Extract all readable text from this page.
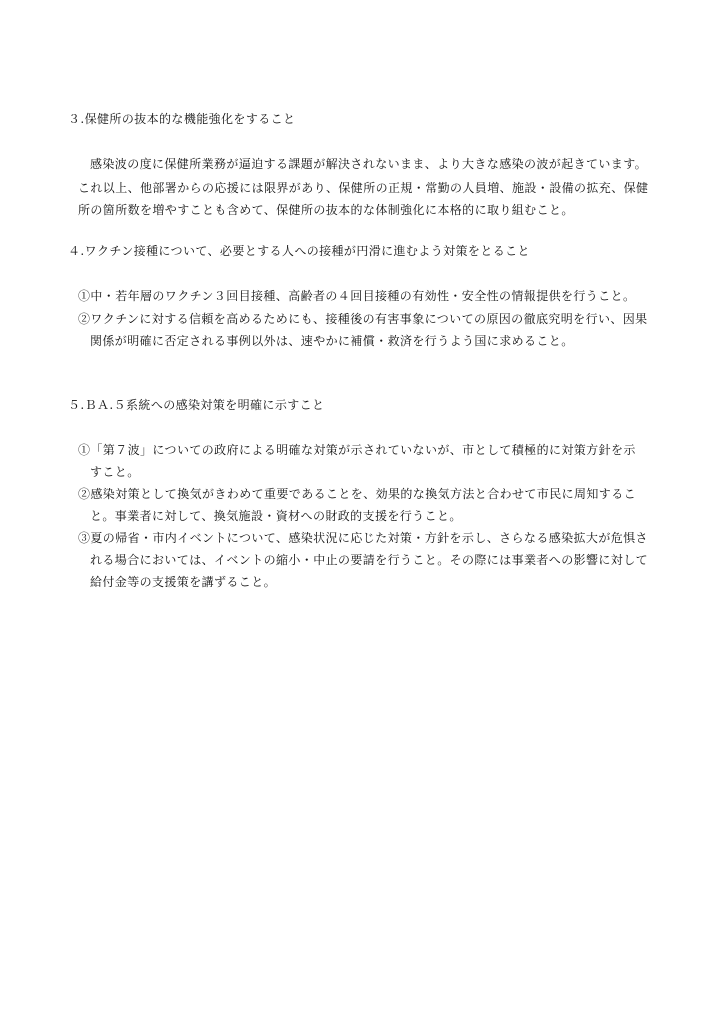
３.保健所の抜本的な機能強化をすること

感染波の度に保健所業務が逼迫する課題が解決されないまま、より大きな感染の波が起きています。

これ以上、他部署からの応援には限界があり、保健所の正規・常勤の人員増、施設・設備の拡充、保健

所の箇所数を増やすことも含めて、保健所の抜本的な体制強化に本格的に取り組むこと。

４.ワクチン接種について、必要とする人への接種が円滑に進むよう対策をとること

①中・若年層のワクチン３回目接種、高齢者の４回目接種の有効性・安全性の情報提供を行うこと。

②ワクチンに対する信頼を高めるためにも、接種後の有害事象についての原因の徹底究明を行い、因果

関係が明確に否定される事例以外は、速やかに補償・救済を行うよう国に求めること。

５.ＢＡ.５系統への感染対策を明確に示すこと

①「第７波」についての政府による明確な対策が示されていないが、市として積極的に対策方針を示

すこと。

②感染対策として換気がきわめて重要であることを、効果的な換気方法と合わせて市民に周知するこ

と。事業者に対して、換気施設・資材への財政的支援を行うこと。

③夏の帰省・市内イベントについて、感染状況に応じた対策・方針を示し、さらなる感染拡大が危惧さ

れる場合においては、イベントの縮小・中止の要請を行うこと。その際には事業者への影響に対して

給付金等の支援策を講ずること。
